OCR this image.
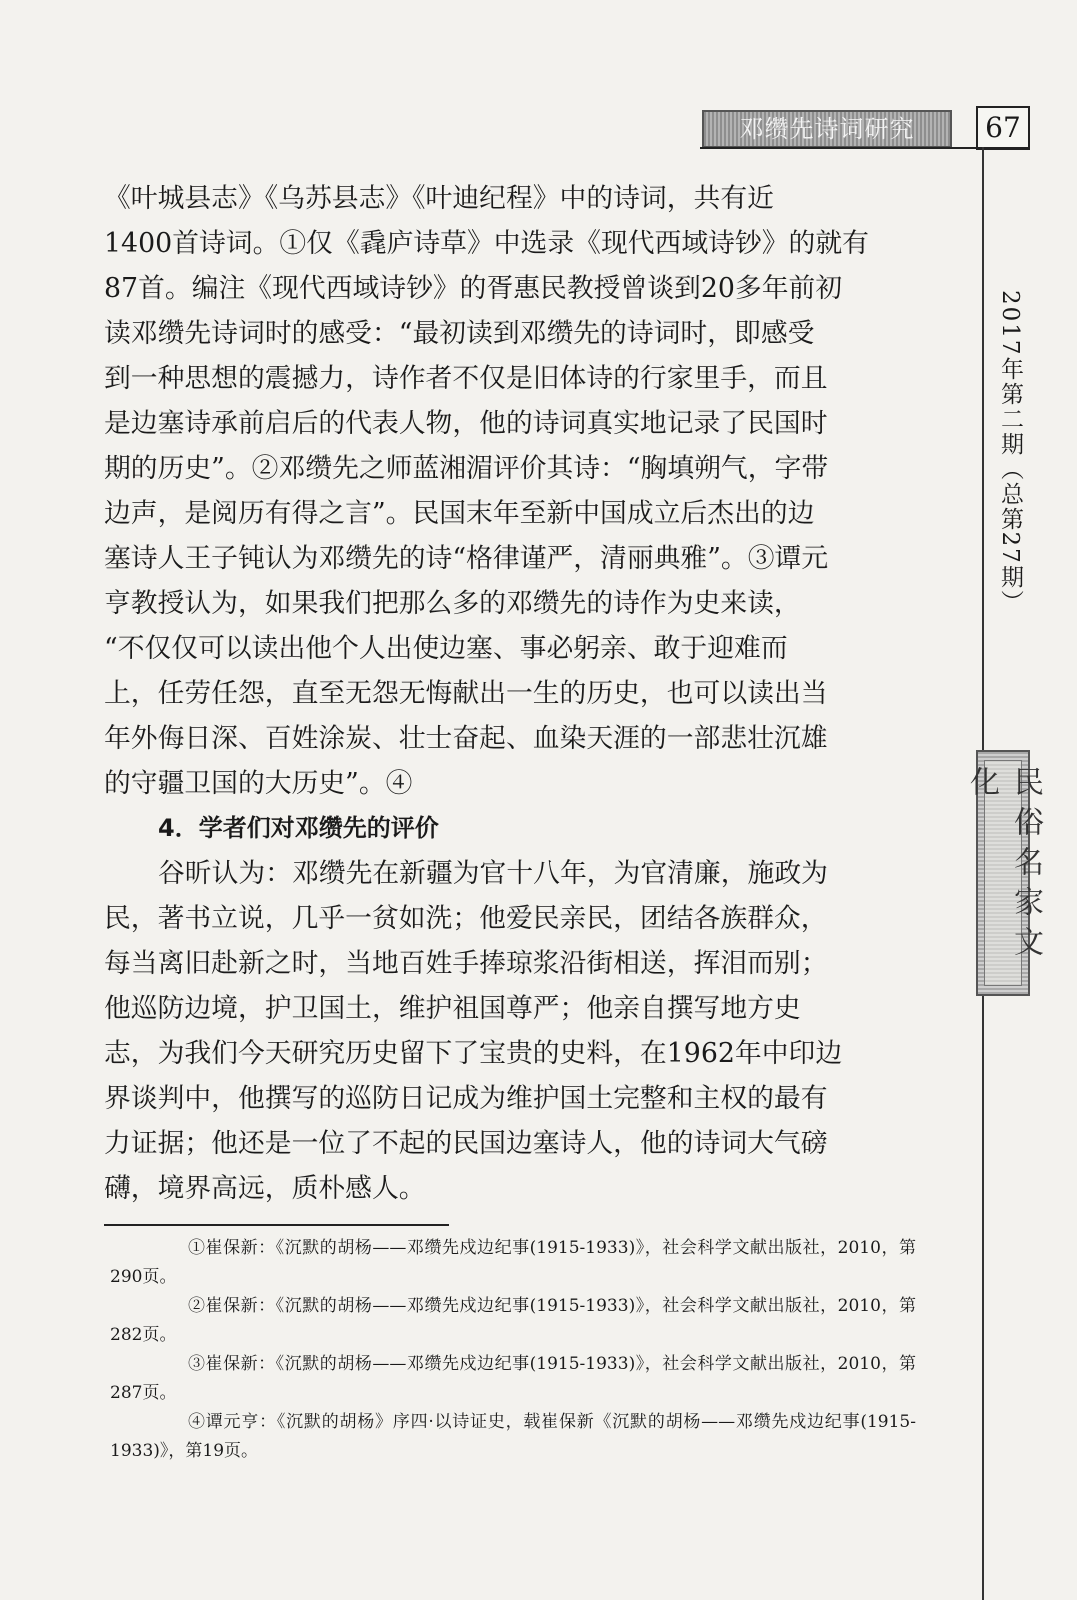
邓缵先诗词研究	67
2017年第二期（总第27期）
民俗名家文化
《叶城县志》《乌苏县志》《叶迪纪程》中的诗词，共有近
1400首诗词。①仅《毳庐诗草》中选录《现代西域诗钞》的就有
87首。编注《现代西域诗钞》的胥惠民教授曾谈到20多年前初
读邓缵先诗词时的感受：“最初读到邓缵先的诗词时，即感受
到一种思想的震撼力，诗作者不仅是旧体诗的行家里手，而且
是边塞诗承前启后的代表人物，他的诗词真实地记录了民国时
期的历史”。②邓缵先之师蓝湘湄评价其诗：“胸填朔气，字带
边声，是阅历有得之言”。民国末年至新中国成立后杰出的边
塞诗人王子钝认为邓缵先的诗“格律谨严，清丽典雅”。③谭元
亨教授认为，如果我们把那么多的邓缵先的诗作为史来读，
“不仅仅可以读出他个人出使边塞、事必躬亲、敢于迎难而
上，任劳任怨，直至无怨无悔献出一生的历史，也可以读出当
年外侮日深、百姓涂炭、壮士奋起、血染天涯的一部悲壮沉雄
的守疆卫国的大历史”。④
4．学者们对邓缵先的评价
谷昕认为：邓缵先在新疆为官十八年，为官清廉，施政为
民，著书立说，几乎一贫如洗；他爱民亲民，团结各族群众，
每当离旧赴新之时，当地百姓手捧琼浆沿街相送，挥泪而别；
他巡防边境，护卫国土，维护祖国尊严；他亲自撰写地方史
志，为我们今天研究历史留下了宝贵的史料，在1962年中印边
界谈判中，他撰写的巡防日记成为维护国土完整和主权的最有
力证据；他还是一位了不起的民国边塞诗人，他的诗词大气磅
礴，境界高远，质朴感人。
①崔保新：《沉默的胡杨——邓缵先戍边纪事(1915-1933)》，社会科学文献出版社，2010，第290页。
②崔保新：《沉默的胡杨——邓缵先戍边纪事(1915-1933)》，社会科学文献出版社，2010，第282页。
③崔保新：《沉默的胡杨——邓缵先戍边纪事(1915-1933)》，社会科学文献出版社，2010，第287页。
④谭元亨：《沉默的胡杨》序四·以诗证史，载崔保新《沉默的胡杨——邓缵先戍边纪事(1915-1933)》，第19页。
